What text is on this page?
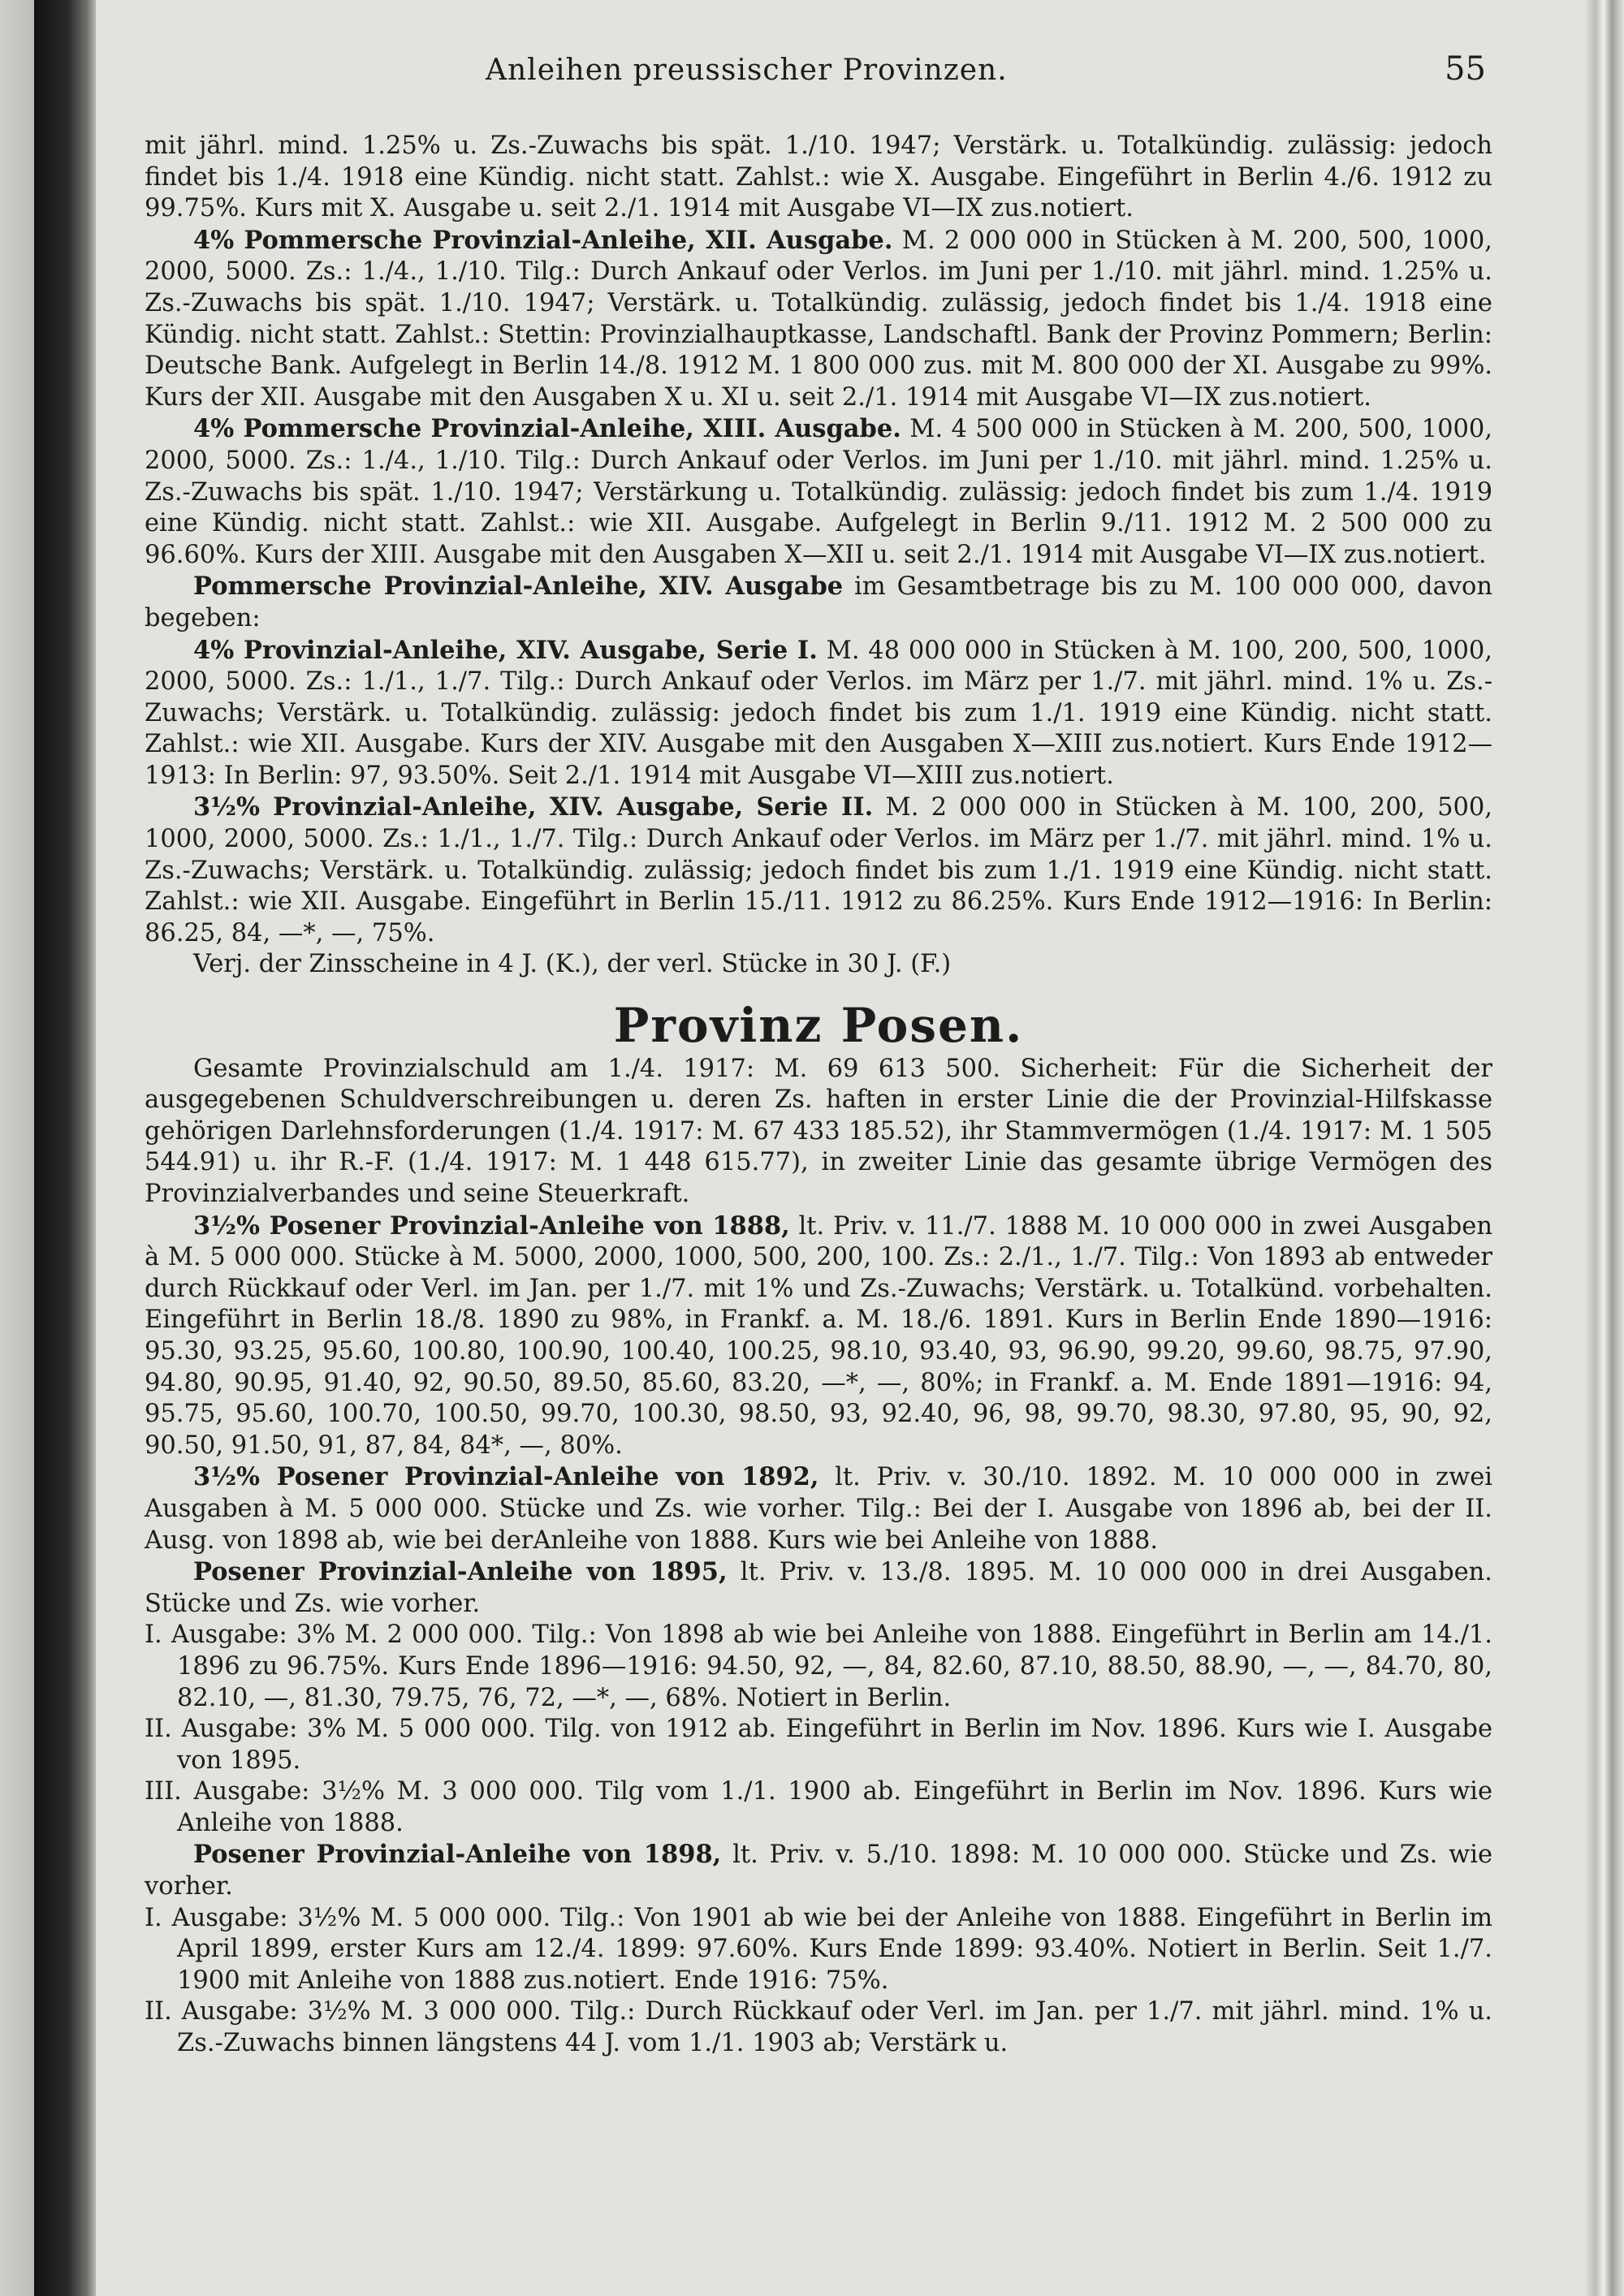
Anleihen preussischer Provinzen.	55

mit jährl. mind. 1.25% u. Zs.-Zuwachs bis spät. 1./10. 1947; Verstärk. u. Totalkündig. zulässig: jedoch findet bis 1./4. 1918 eine Kündig. nicht statt. Zahlst.: wie X. Ausgabe. Eingeführt in Berlin 4./6. 1912 zu 99.75%. Kurs mit X. Ausgabe u. seit 2./1. 1914 mit Ausgabe VI—IX zus.notiert.

4% Pommersche Provinzial-Anleihe, XII. Ausgabe. M. 2 000 000 in Stücken à M. 200, 500, 1000, 2000, 5000. Zs.: 1./4., 1./10. Tilg.: Durch Ankauf oder Verlos. im Juni per 1./10. mit jährl. mind. 1.25% u. Zs.-Zuwachs bis spät. 1./10. 1947; Verstärk. u. Totalkündig. zulässig, jedoch findet bis 1./4. 1918 eine Kündig. nicht statt. Zahlst.: Stettin: Provinzialhauptkasse, Landschaftl. Bank der Provinz Pommern; Berlin: Deutsche Bank. Aufgelegt in Berlin 14./8. 1912 M. 1 800 000 zus. mit M. 800 000 der XI. Ausgabe zu 99%. Kurs der XII. Ausgabe mit den Ausgaben X u. XI u. seit 2./1. 1914 mit Ausgabe VI—IX zus.notiert.

4% Pommersche Provinzial-Anleihe, XIII. Ausgabe. M. 4 500 000 in Stücken à M. 200, 500, 1000, 2000, 5000. Zs.: 1./4., 1./10. Tilg.: Durch Ankauf oder Verlos. im Juni per 1./10. mit jährl. mind. 1.25% u. Zs.-Zuwachs bis spät. 1./10. 1947; Verstärkung u. Totalkündig. zulässig: jedoch findet bis zum 1./4. 1919 eine Kündig. nicht statt. Zahlst.: wie XII. Ausgabe. Aufgelegt in Berlin 9./11. 1912 M. 2 500 000 zu 96.60%. Kurs der XIII. Ausgabe mit den Ausgaben X—XII u. seit 2./1. 1914 mit Ausgabe VI—IX zus.notiert.

Pommersche Provinzial-Anleihe, XIV. Ausgabe im Gesamtbetrage bis zu M. 100 000 000, davon begeben:

4% Provinzial-Anleihe, XIV. Ausgabe, Serie I. M. 48 000 000 in Stücken à M. 100, 200, 500, 1000, 2000, 5000. Zs.: 1./1., 1./7. Tilg.: Durch Ankauf oder Verlos. im März per 1./7. mit jährl. mind. 1% u. Zs.-Zuwachs; Verstärk. u. Totalkündig. zulässig: jedoch findet bis zum 1./1. 1919 eine Kündig. nicht statt. Zahlst.: wie XII. Ausgabe. Kurs der XIV. Ausgabe mit den Ausgaben X—XIII zus.notiert. Kurs Ende 1912—1913: In Berlin: 97, 93.50%. Seit 2./1. 1914 mit Ausgabe VI—XIII zus.notiert.

3½% Provinzial-Anleihe, XIV. Ausgabe, Serie II. M. 2 000 000 in Stücken à M. 100, 200, 500, 1000, 2000, 5000. Zs.: 1./1., 1./7. Tilg.: Durch Ankauf oder Verlos. im März per 1./7. mit jährl. mind. 1% u. Zs.-Zuwachs; Verstärk. u. Totalkündig. zulässig; jedoch findet bis zum 1./1. 1919 eine Kündig. nicht statt. Zahlst.: wie XII. Ausgabe. Eingeführt in Berlin 15./11. 1912 zu 86.25%. Kurs Ende 1912—1916: In Berlin: 86.25, 84, —*, —, 75%.

Verj. der Zinsscheine in 4 J. (K.), der verl. Stücke in 30 J. (F.)

Provinz Posen.

Gesamte Provinzialschuld am 1./4. 1917: M. 69 613 500. Sicherheit: Für die Sicherheit der ausgegebenen Schuldverschreibungen u. deren Zs. haften in erster Linie die der Provinzial-Hilfskasse gehörigen Darlehnsforderungen (1./4. 1917: M. 67 433 185.52), ihr Stammvermögen (1./4. 1917: M. 1 505 544.91) u. ihr R.-F. (1./4. 1917: M. 1 448 615.77), in zweiter Linie das gesamte übrige Vermögen des Provinzialverbandes und seine Steuerkraft.

3½% Posener Provinzial-Anleihe von 1888, lt. Priv. v. 11./7. 1888 M. 10 000 000 in zwei Ausgaben à M. 5 000 000. Stücke à M. 5000, 2000, 1000, 500, 200, 100. Zs.: 2./1., 1./7. Tilg.: Von 1893 ab entweder durch Rückkauf oder Verl. im Jan. per 1./7. mit 1% und Zs.-Zuwachs; Verstärk. u. Totalkünd. vorbehalten. Eingeführt in Berlin 18./8. 1890 zu 98%, in Frankf. a. M. 18./6. 1891. Kurs in Berlin Ende 1890—1916: 95.30, 93.25, 95.60, 100.80, 100.90, 100.40, 100.25, 98.10, 93.40, 93, 96.90, 99.20, 99.60, 98.75, 97.90, 94.80, 90.95, 91.40, 92, 90.50, 89.50, 85.60, 83.20, —*, —, 80%; in Frankf. a. M. Ende 1891—1916: 94, 95.75, 95.60, 100.70, 100.50, 99.70, 100.30, 98.50, 93, 92.40, 96, 98, 99.70, 98.30, 97.80, 95, 90, 92, 90.50, 91.50, 91, 87, 84, 84*, —, 80%.

3½% Posener Provinzial-Anleihe von 1892, lt. Priv. v. 30./10. 1892. M. 10 000 000 in zwei Ausgaben à M. 5 000 000. Stücke und Zs. wie vorher. Tilg.: Bei der I. Ausgabe von 1896 ab, bei der II. Ausg. von 1898 ab, wie bei derAnleihe von 1888. Kurs wie bei Anleihe von 1888.

Posener Provinzial-Anleihe von 1895, lt. Priv. v. 13./8. 1895. M. 10 000 000 in drei Ausgaben. Stücke und Zs. wie vorher.

I. Ausgabe: 3% M. 2 000 000. Tilg.: Von 1898 ab wie bei Anleihe von 1888. Eingeführt in Berlin am 14./1. 1896 zu 96.75%. Kurs Ende 1896—1916: 94.50, 92, —, 84, 82.60, 87.10, 88.50, 88.90, —, —, 84.70, 80, 82.10, —, 81.30, 79.75, 76, 72, —*, —, 68%. Notiert in Berlin.

II. Ausgabe: 3% M. 5 000 000. Tilg. von 1912 ab. Eingeführt in Berlin im Nov. 1896. Kurs wie I. Ausgabe von 1895.

III. Ausgabe: 3½% M. 3 000 000. Tilg vom 1./1. 1900 ab. Eingeführt in Berlin im Nov. 1896. Kurs wie Anleihe von 1888.

Posener Provinzial-Anleihe von 1898, lt. Priv. v. 5./10. 1898: M. 10 000 000. Stücke und Zs. wie vorher.

I. Ausgabe: 3½% M. 5 000 000. Tilg.: Von 1901 ab wie bei der Anleihe von 1888. Eingeführt in Berlin im April 1899, erster Kurs am 12./4. 1899: 97.60%. Kurs Ende 1899: 93.40%. Notiert in Berlin. Seit 1./7. 1900 mit Anleihe von 1888 zus.notiert. Ende 1916: 75%.

II. Ausgabe: 3½% M. 3 000 000. Tilg.: Durch Rückkauf oder Verl. im Jan. per 1./7. mit jährl. mind. 1% u. Zs.-Zuwachs binnen längstens 44 J. vom 1./1. 1903 ab; Verstärk u.
